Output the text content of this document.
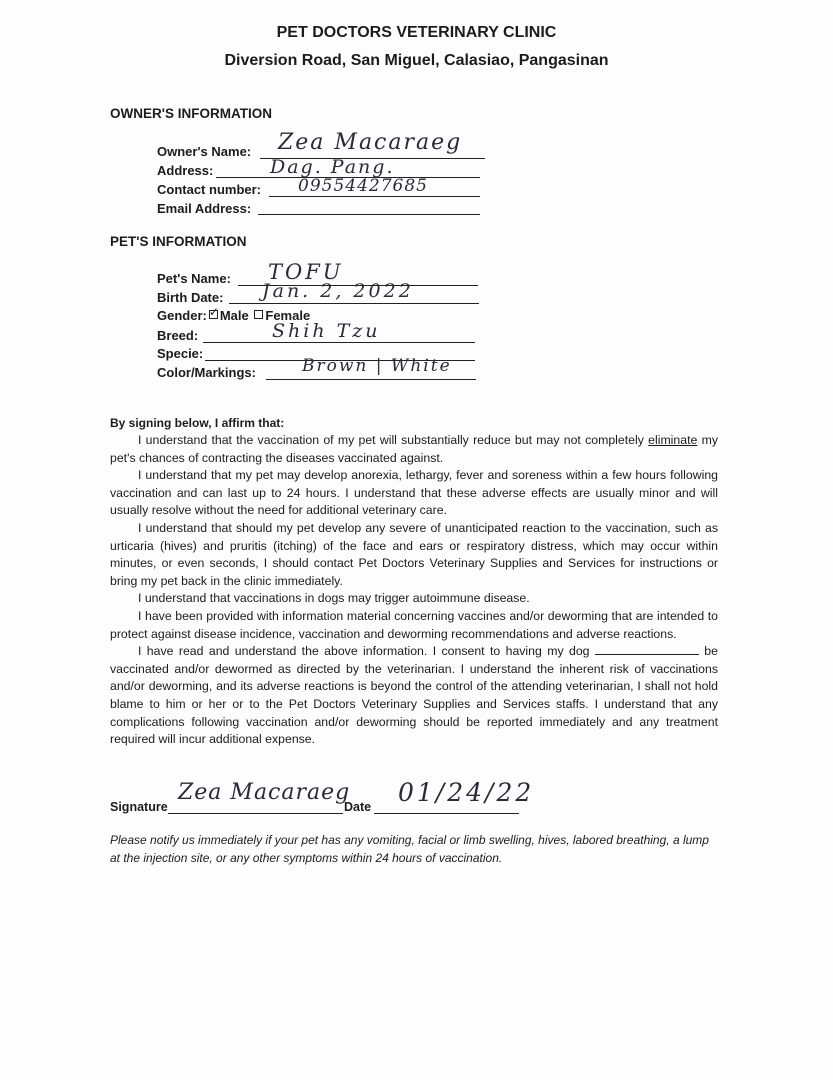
PET DOCTORS VETERINARY CLINIC
Diversion Road, San Miguel, Calasiao, Pangasinan
OWNER'S INFORMATION
Owner's Name: Zea Macaraeg
Address:	Dag. Pang.
Contact number: 09554427685
Email Address:
PET'S INFORMATION
Pet's Name: TOFU
Birth Date: Jan. 2, 2022
Gender: ✓ Male Female
Breed:	Shih Tzu
Specie:
Color/Markings:	Brown | White
By signing below, I affirm that:

I understand that the vaccination of my pet will substantially reduce but may not completely eliminate my pet's chances of contracting the diseases vaccinated against.

I understand that my pet may develop anorexia, lethargy, fever and soreness within a few hours following vaccination and can last up to 24 hours. I understand that these adverse effects are usually minor and will usually resolve without the need for additional veterinary care.

I understand that should my pet develop any severe of unanticipated reaction to the vaccination, such as urticaria (hives) and pruritis (itching) of the face and ears or respiratory distress, which may occur within minutes, or even seconds, I should contact Pet Doctors Veterinary Supplies and Services for instructions or bring my pet back in the clinic immediately.

I understand that vaccinations in dogs may trigger autoimmune disease.

I have been provided with information material concerning vaccines and/or deworming that are intended to protect against disease incidence, vaccination and deworming recommendations and adverse reactions.

I have read and understand the above information. I consent to having my dog	be vaccinated and/or dewormed as directed by the veterinarian. I understand the inherent risk of vaccinations and/or deworming, and its adverse reactions is beyond the control of the attending veterinarian, I shall not hold blame to him or her or to the Pet Doctors Veterinary Supplies and Services staffs. I understand that any complications following vaccination and/or deworming should be reported immediately and any treatment required will incur additional expense.

Signature
Zea Macaraeg
Date 01/24/22
Please notify us immediately if your pet has any vomiting, facial or limb swelling, hives, labored breathing, a lump at the injection site, or any other symptoms within 24 hours of vaccination.
